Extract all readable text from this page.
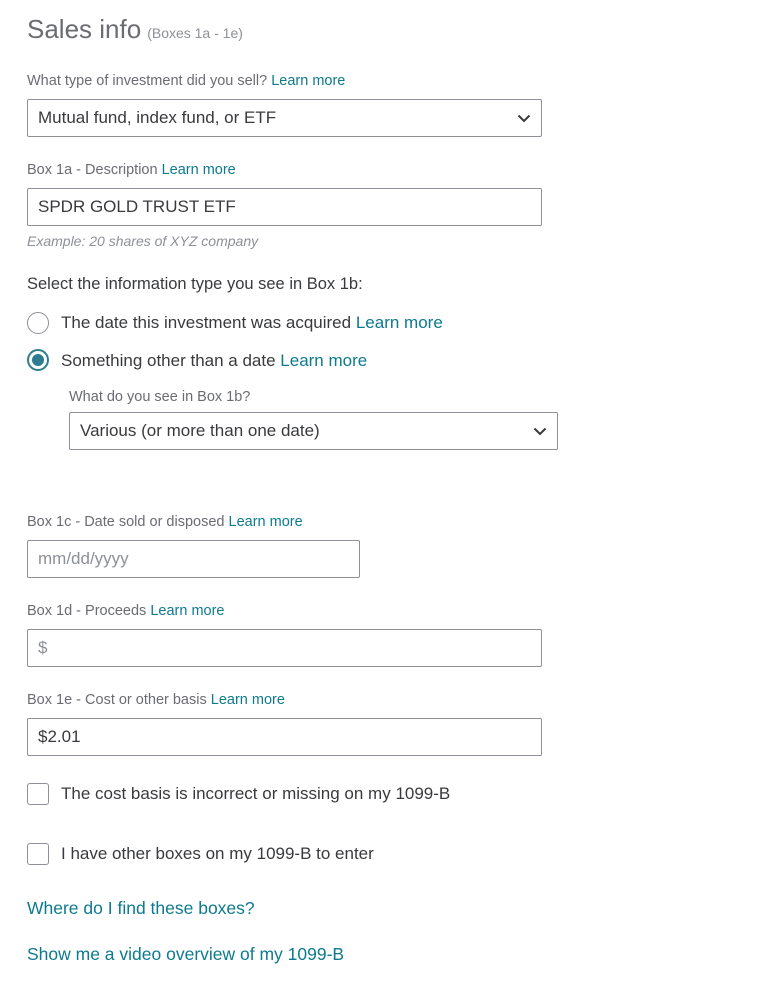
Sales info (Boxes 1a - 1e)
What type of investment did you sell? Learn more
Mutual fund, index fund, or ETF
Box 1a - Description Learn more
SPDR GOLD TRUST ETF
Example: 20 shares of XYZ company
Select the information type you see in Box 1b:
The date this investment was acquired Learn more
Something other than a date Learn more
What do you see in Box 1b?
Various (or more than one date)
Box 1c - Date sold or disposed Learn more
mm/dd/yyyy
Box 1d - Proceeds Learn more
$
Box 1e - Cost or other basis Learn more
$2.01
The cost basis is incorrect or missing on my 1099-B
I have other boxes on my 1099-B to enter
Where do I find these boxes?
Show me a video overview of my 1099-B
